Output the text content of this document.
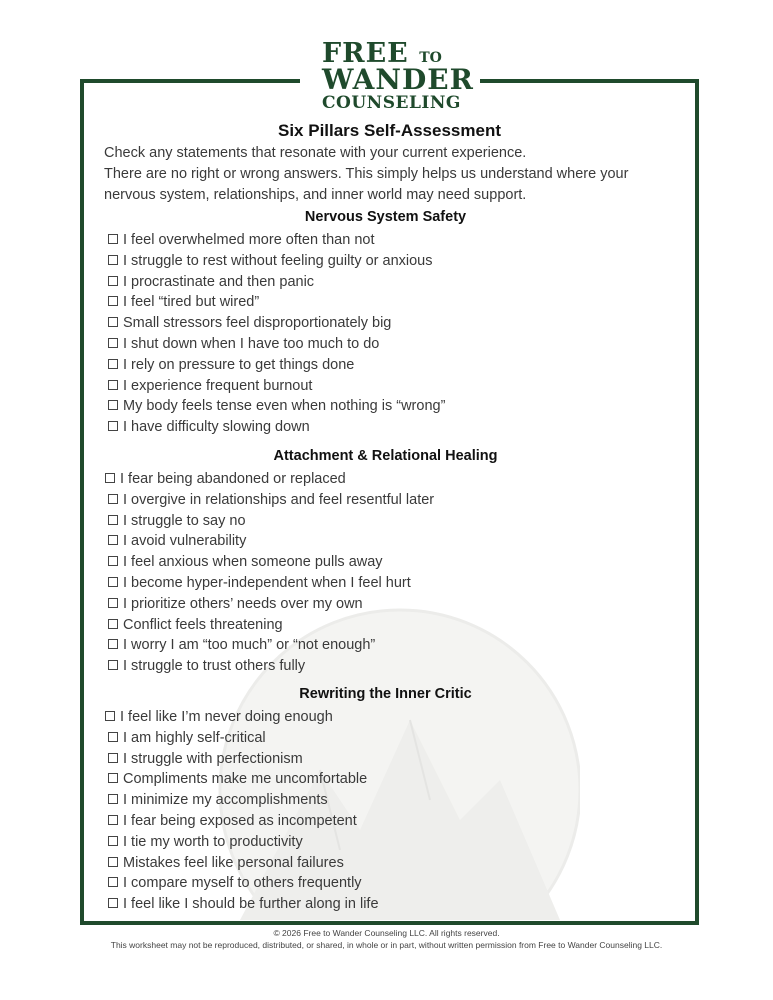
FREE TO
WANDER
COUNSELING
Six Pillars Self-Assessment
Check any statements that resonate with your current experience.
There are no right or wrong answers. This simply helps us understand where your
nervous system, relationships, and inner world may need support.
Nervous System Safety
I feel overwhelmed more often than not
I struggle to rest without feeling guilty or anxious
I procrastinate and then panic
I feel “tired but wired”
Small stressors feel disproportionately big
I shut down when I have too much to do
I rely on pressure to get things done
I experience frequent burnout
My body feels tense even when nothing is “wrong”
I have difficulty slowing down
Attachment & Relational Healing
I fear being abandoned or replaced
I overgive in relationships and feel resentful later
I struggle to say no
I avoid vulnerability
I feel anxious when someone pulls away
I become hyper-independent when I feel hurt
I prioritize others’ needs over my own
Conflict feels threatening
I worry I am “too much” or “not enough”
I struggle to trust others fully
Rewriting the Inner Critic
I feel like I’m never doing enough
I am highly self-critical
I struggle with perfectionism
Compliments make me uncomfortable
I minimize my accomplishments
I fear being exposed as incompetent
I tie my worth to productivity
Mistakes feel like personal failures
I compare myself to others frequently
I feel like I should be further along in life
© 2026 Free to Wander Counseling LLC. All rights reserved.
This worksheet may not be reproduced, distributed, or shared, in whole or in part, without written permission from Free to Wander Counseling LLC.
